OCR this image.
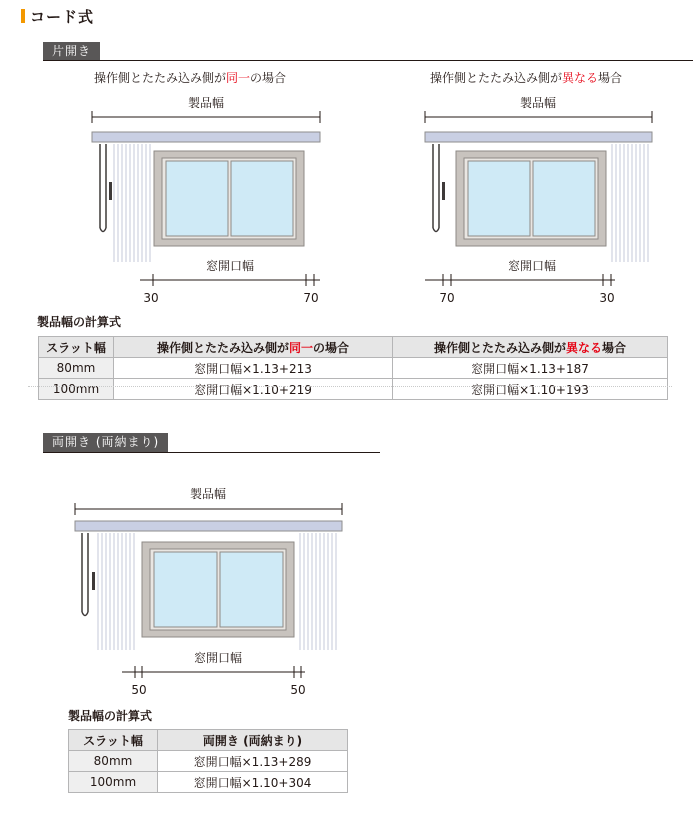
コード式
片開き
操作側とたたみ込み側が同一の場合	操作側とたたみ込み側が異なる場合
製品幅
窓開口幅
30	70
製品幅
窓開口幅
70	30
製品幅の計算式
スラット幅	操作側とたたみ込み側が同一の場合	操作側とたたみ込み側が異なる場合
80mm	窓開口幅×1.13+213	窓開口幅×1.13+187
100mm	窓開口幅×1.10+219	窓開口幅×1.10+193
両開き (両納まり)
製品幅
窓開口幅
50	50
製品幅の計算式
スラット幅	両開き (両納まり)
80mm	窓開口幅×1.13+289
100mm	窓開口幅×1.10+304
